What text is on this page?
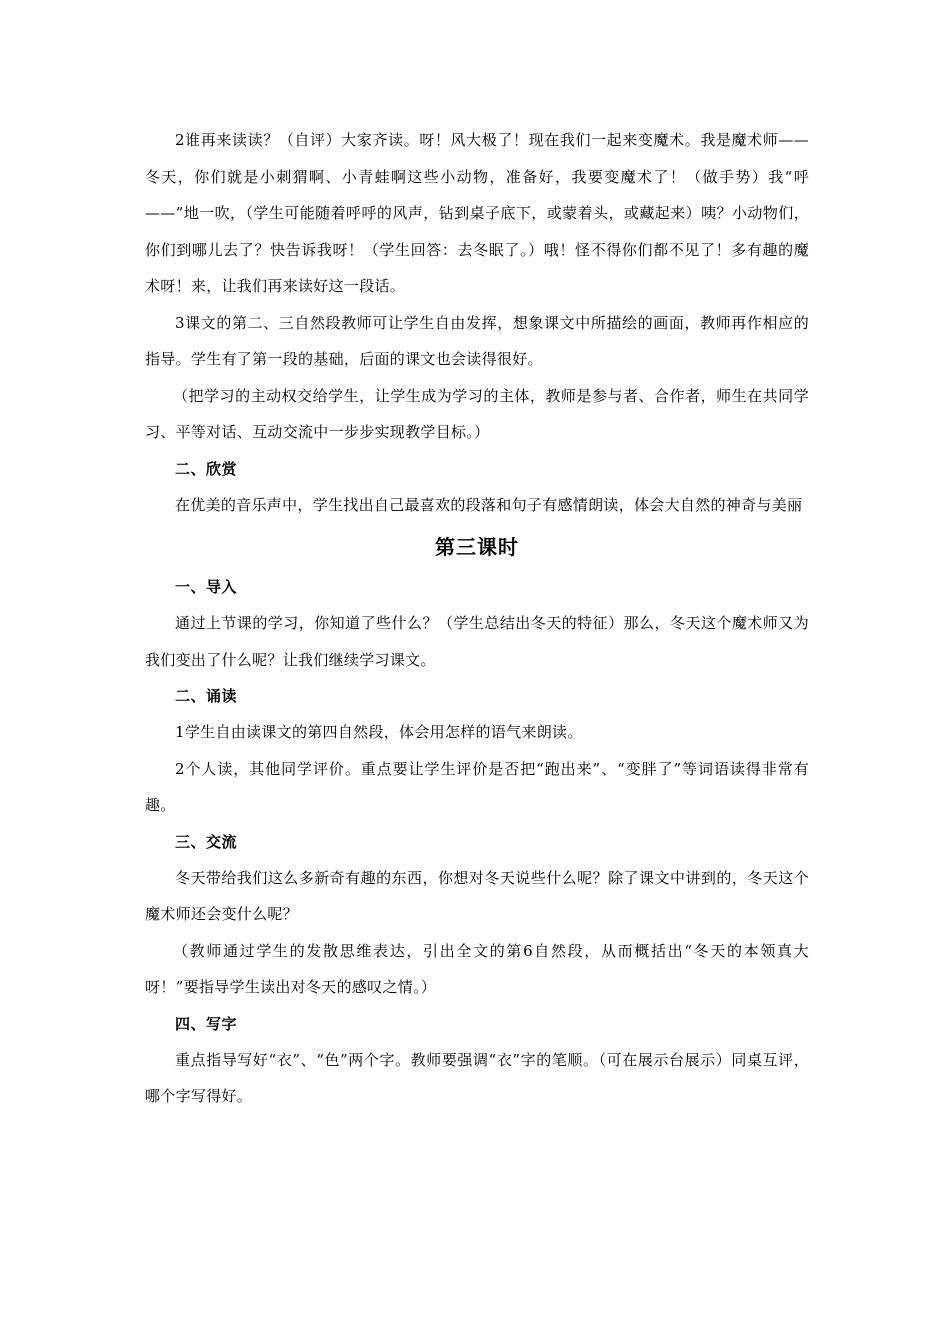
2谁再来读读？（自评）大家齐读。呀！风大极了！现在我们一起来变魔术。我是魔术师——冬天，你们就是小刺猬啊、小青蛙啊这些小动物，准备好，我要变魔术了！（做手势）我“呼——”地一吹，（学生可能随着呼呼的风声，钻到桌子底下，或蒙着头，或藏起来）咦？小动物们，你们到哪儿去了？快告诉我呀！（学生回答：去冬眠了。）哦！怪不得你们都不见了！多有趣的魔术呀！来，让我们再来读好这一段话。

3课文的第二、三自然段教师可让学生自由发挥，想象课文中所描绘的画面，教师再作相应的指导。学生有了第一段的基础，后面的课文也会读得很好。

（把学习的主动权交给学生，让学生成为学习的主体，教师是参与者、合作者，师生在共同学习、平等对话、互动交流中一步步实现教学目标。）

二、欣赏

在优美的音乐声中，学生找出自己最喜欢的段落和句子有感情朗读，体会大自然的神奇与美丽

第三课时
一、导入

通过上节课的学习，你知道了些什么？（学生总结出冬天的特征）那么，冬天这个魔术师又为我们变出了什么呢？让我们继续学习课文。

二、诵读

1学生自由读课文的第四自然段，体会用怎样的语气来朗读。

2个人读，其他同学评价。重点要让学生评价是否把“跑出来”、“变胖了”等词语读得非常有趣。

三、交流

冬天带给我们这么多新奇有趣的东西，你想对冬天说些什么呢？除了课文中讲到的，冬天这个魔术师还会变什么呢？

（教师通过学生的发散思维表达，引出全文的第6自然段，从而概括出“冬天的本领真大呀！”要指导学生读出对冬天的感叹之情。）

四、写字

重点指导写好“衣”、“色”两个字。教师要强调“衣”字的笔顺。（可在展示台展示）同桌互评，哪个字写得好。
